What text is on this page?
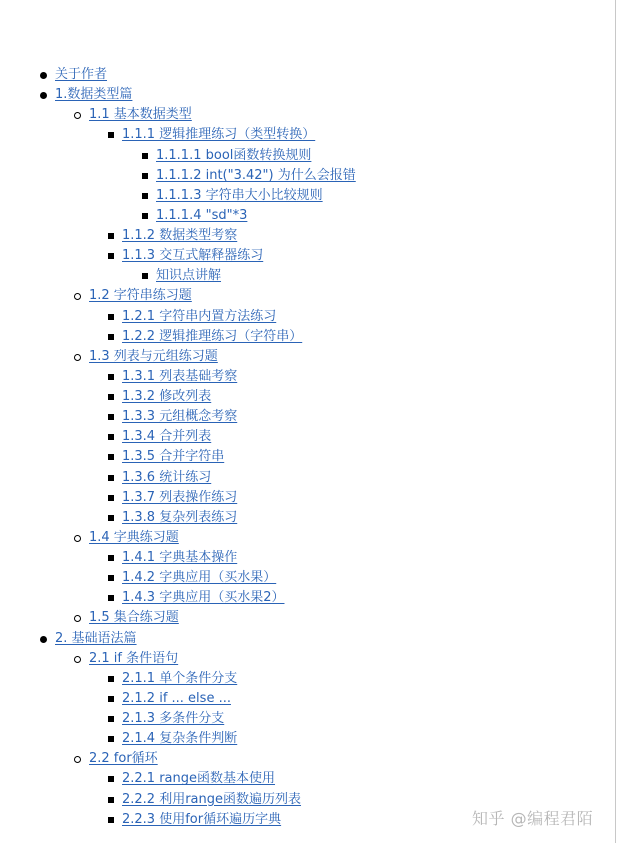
关于作者
1.数据类型篇
1.1 基本数据类型
1.1.1 逻辑推理练习（类型转换）
1.1.1.1 bool函数转换规则
1.1.1.2 int("3.42") 为什么会报错
1.1.1.3 字符串大小比较规则
1.1.1.4 "sd"*3
1.1.2 数据类型考察
1.1.3 交互式解释器练习
知识点讲解
1.2 字符串练习题
1.2.1 字符串内置方法练习
1.2.2 逻辑推理练习（字符串）
1.3 列表与元组练习题
1.3.1 列表基础考察
1.3.2 修改列表
1.3.3 元组概念考察
1.3.4 合并列表
1.3.5 合并字符串
1.3.6 统计练习
1.3.7 列表操作练习
1.3.8 复杂列表练习
1.4 字典练习题
1.4.1 字典基本操作
1.4.2 字典应用（买水果）
1.4.3 字典应用（买水果2）
1.5 集合练习题
2. 基础语法篇
2.1 if 条件语句
2.1.1 单个条件分支
2.1.2 if ... else ...
2.1.3 多条件分支
2.1.4 复杂条件判断
2.2 for循环
2.2.1 range函数基本使用
2.2.2 利用range函数遍历列表
2.2.3 使用for循环遍历字典	知乎 @编程君陌
